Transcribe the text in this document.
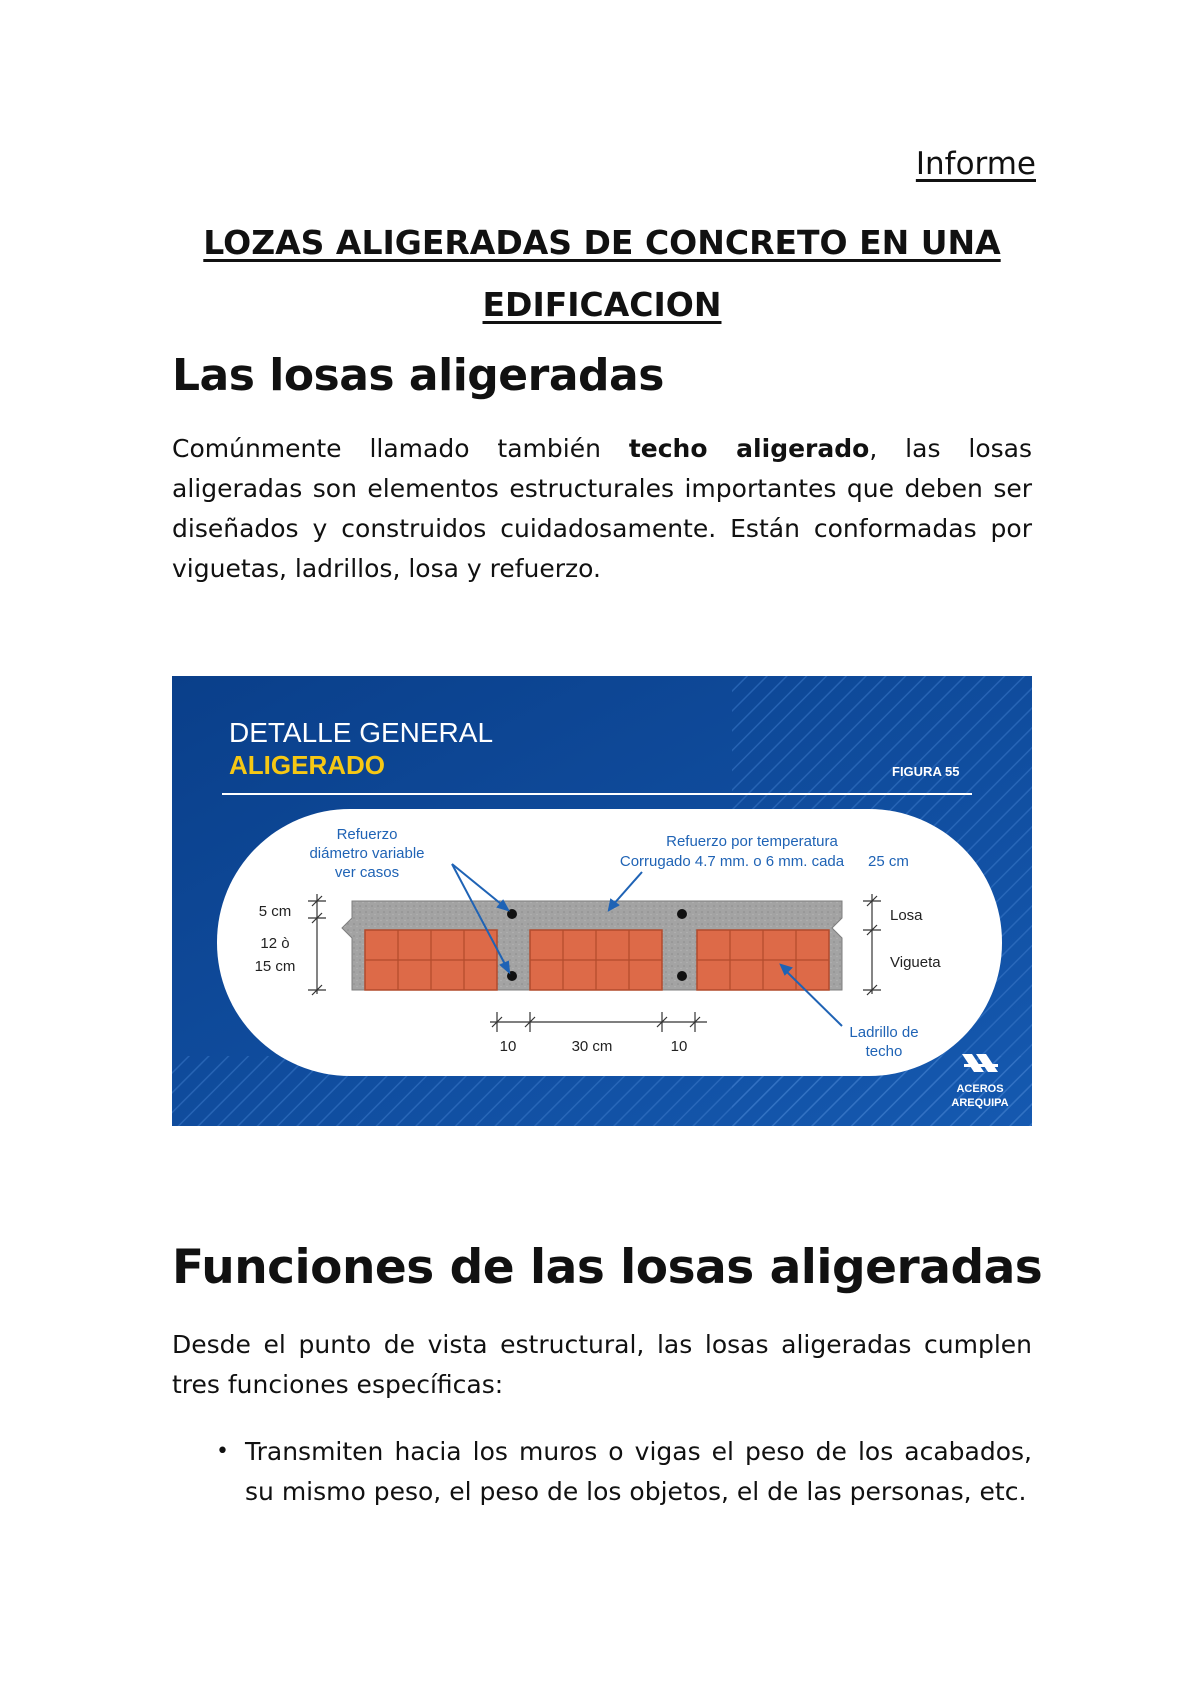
Informe
LOZAS ALIGERADAS DE CONCRETO EN UNA
EDIFICACION
Las losas aligeradas

Comúnmente llamado también techo aligerado, las losas aligeradas son elementos estructurales importantes que deben ser diseñados y construidos cuidadosamente. Están conformadas por viguetas, ladrillos, losa y refuerzo.

DETALLE GENERAL
ALIGERADO	FIGURA 55
Refuerzo
diámetro variable
ver casos
Refuerzo por temperatura
Corrugado 4.7 mm. o 6 mm. cada 25 cm
5 cm
12 ò
15 cm
Losa
Vigueta
10	30 cm	10
Ladrillo de
techo
ACEROS
AREQUIPA
Funciones de las losas aligeradas

Desde el punto de vista estructural, las losas aligeradas cumplen tres funciones específicas:

• Transmiten hacia los muros o vigas el peso de los acabados, su mismo peso, el peso de los objetos, el de las personas, etc.
